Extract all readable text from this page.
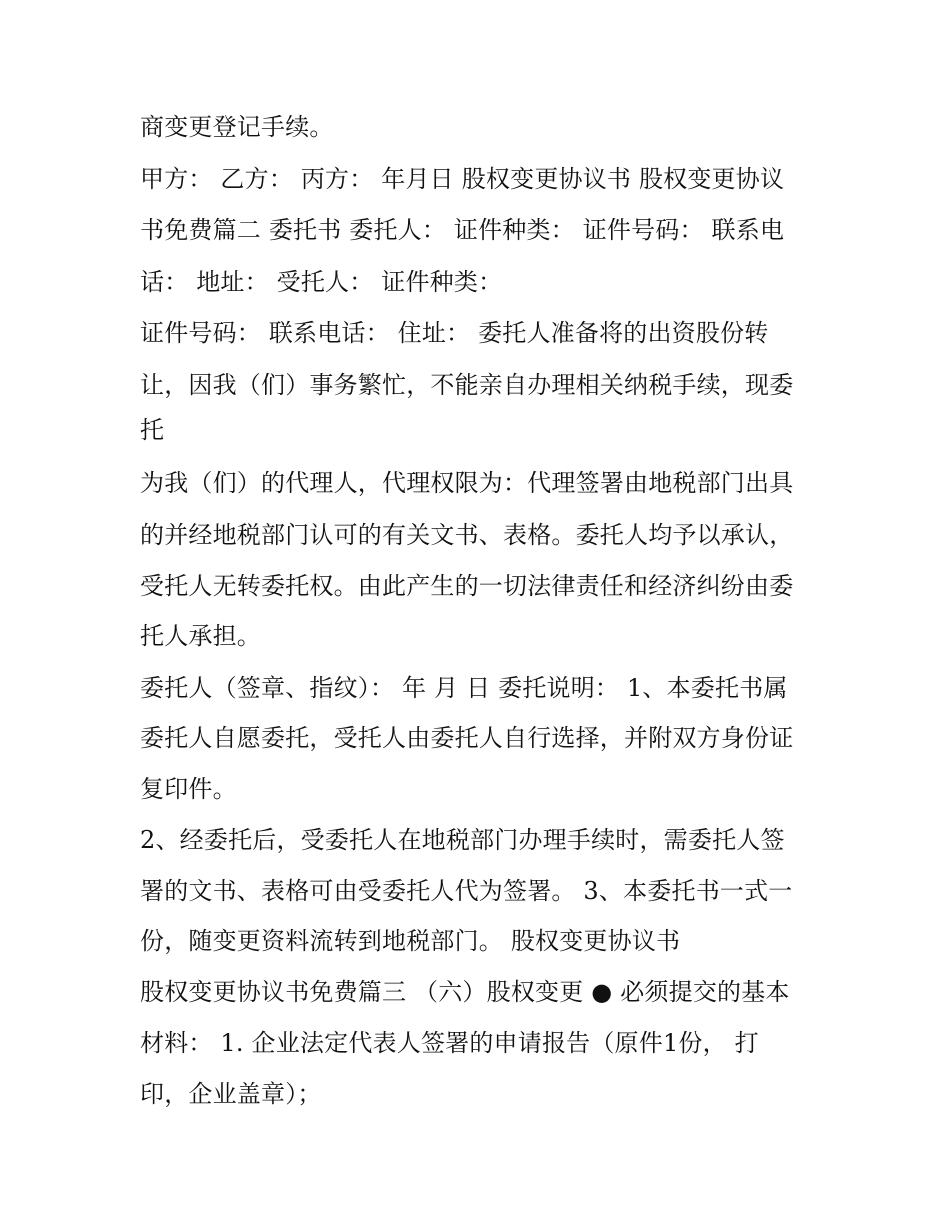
商变更登记手续。
甲方： 乙方： 丙方： 年月日 股权变更协议书 股权变更协议
书免费篇二 委托书 委托人： 证件种类： 证件号码： 联系电
话： 地址： 受托人： 证件种类：
证件号码： 联系电话： 住址： 委托人准备将的出资股份转
让，因我（们）事务繁忙，不能亲自办理相关纳税手续，现委
托
为我（们）的代理人，代理权限为：代理签署由地税部门出具
的并经地税部门认可的有关文书、表格。委托人均予以承认，
受托人无转委托权。由此产生的一切法律责任和经济纠纷由委
托人承担。
委托人（签章、指纹）： 年 月 日 委托说明： 1、本委托书属
委托人自愿委托，受托人由委托人自行选择，并附双方身份证
复印件。
2、经委托后，受委托人在地税部门办理手续时，需委托人签
署的文书、表格可由受委托人代为签署。 3、本委托书一式一
份，随变更资料流转到地税部门。 股权变更协议书
股权变更协议书免费篇三 （六）股权变更 ● 必须提交的基本
材料： 1. 企业法定代表人签署的申请报告（原件1份， 打
印，企业盖章）；
